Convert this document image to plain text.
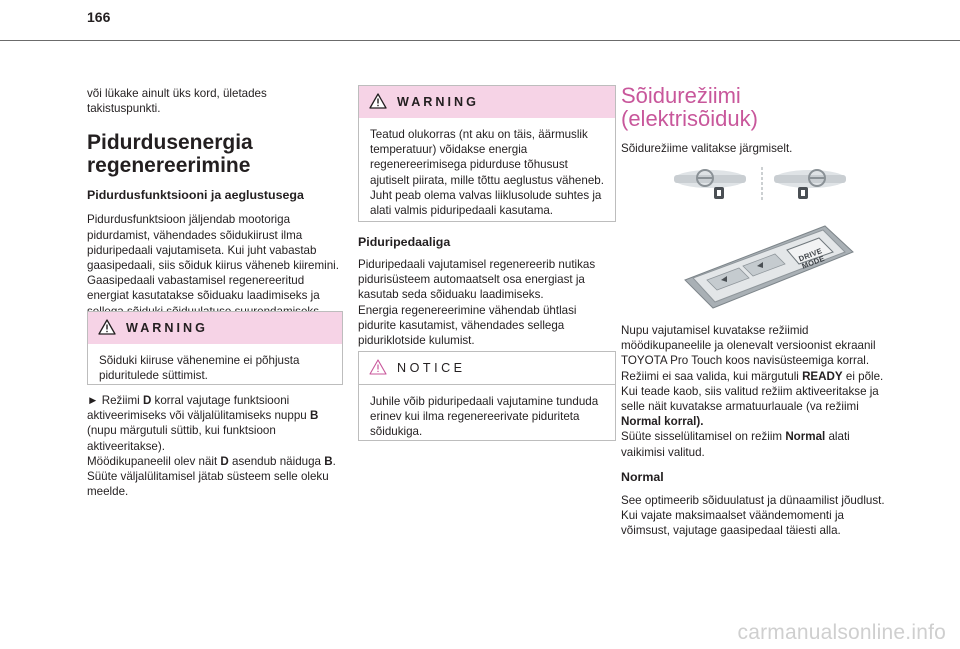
166

või lükake ainult üks kord, ületades takistuspunkti.

Pidurdusenergia
regenereerimine

Pidurdusfunktsiooni ja aeglustusega

Pidurdusfunktsioon jäljendab mootoriga pidurdamist, vähendades sõidukiirust ilma piduripedaali vajutamiseta. Kui juht vabastab gaasipedaali, siis sõiduk kiirus väheneb kiiremini. Gaasipedaali vabastamisel regenereeritud energiat kasutatakse sõiduaku laadimiseks ja

WARNING

Sõiduki kiiruse vähenemine ei põhjusta piduritulede süttimist.

► Režiimi D korral vajutage funktsiooni aktiveerimiseks või väljalülitamiseks nuppu B (nupu märgutuli süttib, kui funktsioon aktiveeritakse).

Möödikupaneelil olev näit D asendub näiduga B.

Süüte väljalülitamisel jätab süsteem selle oleku meelde.

WARNING

Teatud olukorras (nt aku on täis, äärmuslik temperatuur) võidakse energia regenereerimisega pidurduse tõhusust ajutiselt piirata, mille tõttu aeglustus väheneb. Juht peab olema valvas liiklusolude suhtes ja alati valmis piduripedaali kasutama.

Piduripedaaliga

Piduripedaali vajutamisel regenereerib nutikas pidurisüsteem automaatselt osa energiast ja kasutab seda sõiduaku laadimiseks.

Energia regenereerimine vähendab ühtlasi pidurite kasutamist, vähendades sellega piduriklotside kulumist.

NOTICE

Juhile võib piduripedaali vajutamine tunduda erinev kui ilma regenereerivate piduriteta sõidukiga.

Sõidurežiimi
(elektrisõiduk)

Sõidurežiime valitakse järgmiselt.

DRIVE MODE

Nupu vajutamisel kuvatakse režiimid möödikupaneelile ja olenevalt versioonist ekraanil TOYOTA Pro Touch koos navisüsteemiga korral.

Režiimi ei saa valida, kui märgutuli READY ei põle.

Kui teade kaob, siis valitud režiim aktiveeritakse ja selle näit kuvatakse armatuurlauale (va režiimi Normal korral).

Süüte sisselülitamisel on režiim Normal alati vaikimisi valitud.

Normal

See optimeerib sõiduulatust ja dünaamilist jõudlust.

Kui vajate maksimaalset väändemomenti ja võimsust, vajutage gaasipedaal täiesti alla.

carmanualsonline.info
